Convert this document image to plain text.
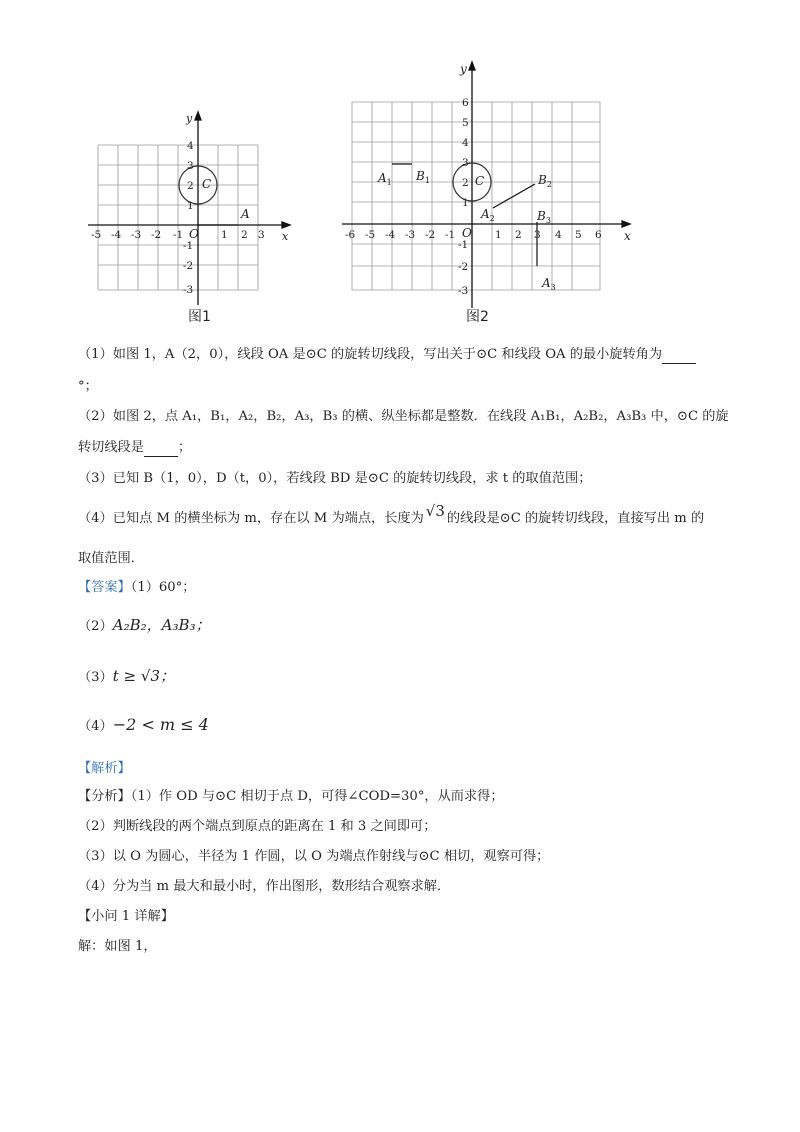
x
y
O
C
A
-5 -4 -3 -2 -1	1 2 3
4
3
2
1
-1
-2
-3
图1
x
y
O
C
$A_1$ $B_1$
$A_2$
$B_2$
$B_3$
$A_3$
-6 -5 -4 -3 -2 -1	1 2 3 4 5 6
6
5
4
3
2
1
-1
-2
-3
图2
（1）如图 1，A（2，0），线段 OA 是⊙C 的旋转切线段，写出关于⊙C 和线段 OA 的最小旋转角为
°；
（2）如图 2，点 A₁，B₁，A₂，B₂，A₃，B₃ 的横、纵坐标都是整数．在线段 A₁B₁，A₂B₂，A₃B₃ 中，⊙C 的旋
转切线段是	；
（3）已知 B（1，0），D（t，0），若线段 BD 是⊙C 的旋转切线段，求 t 的取值范围；
（4）已知点 M 的横坐标为 m，存在以 M 为端点，长度为 √3 的线段是⊙C 的旋转切线段，直接写出 m 的
取值范围．
【答案】（1）60°；
（2）A₂B₂，A₃B₃；
（3）t ≥ √3；
（4）−2 < m ≤ 4
【解析】
【分析】（1）作 OD 与⊙C 相切于点 D，可得∠COD=30°，从而求得；
（2）判断线段的两个端点到原点的距离在 1 和 3 之间即可；
（3）以 O 为圆心，半径为 1 作圆，以 O 为端点作射线与⊙C 相切，观察可得；
（4）分为当 m 最大和最小时，作出图形，数形结合观察求解．
【小问 1 详解】
解：如图 1，
